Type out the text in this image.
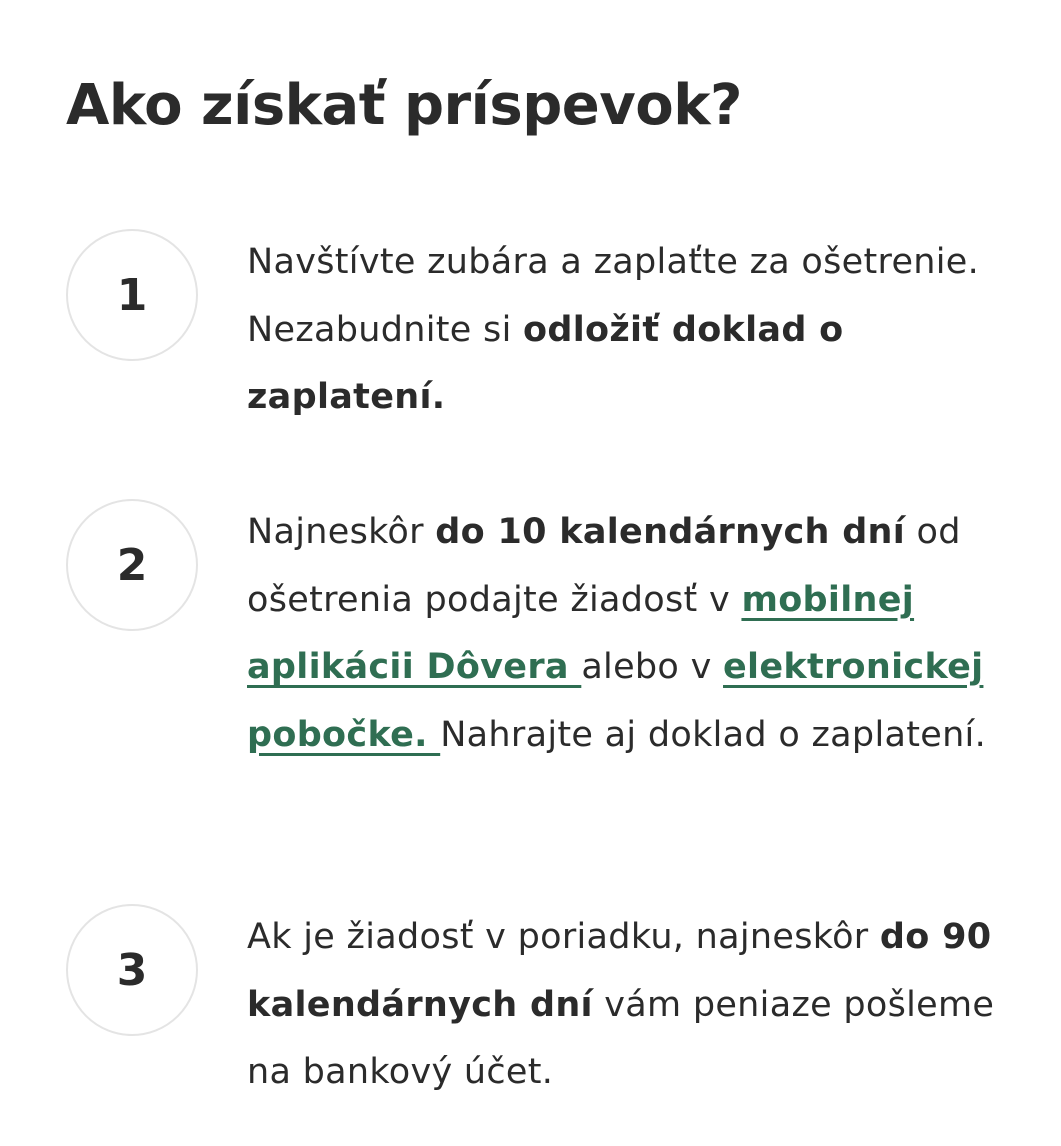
Ako získať príspevok?
1

Navštívte zubára a zaplaťte za ošetrenie. Nezabudnite si odložiť doklad o zaplatení.

2

Najneskôr do 10 kalendárnych dní od ošetrenia podajte žiadosť v mobilnej aplikácii Dôvera alebo v elektronickej pobočke. Nahrajte aj doklad o zaplatení.

3

Ak je žiadosť v poriadku, najneskôr do 90 kalendárnych dní vám peniaze pošleme na bankový účet.
